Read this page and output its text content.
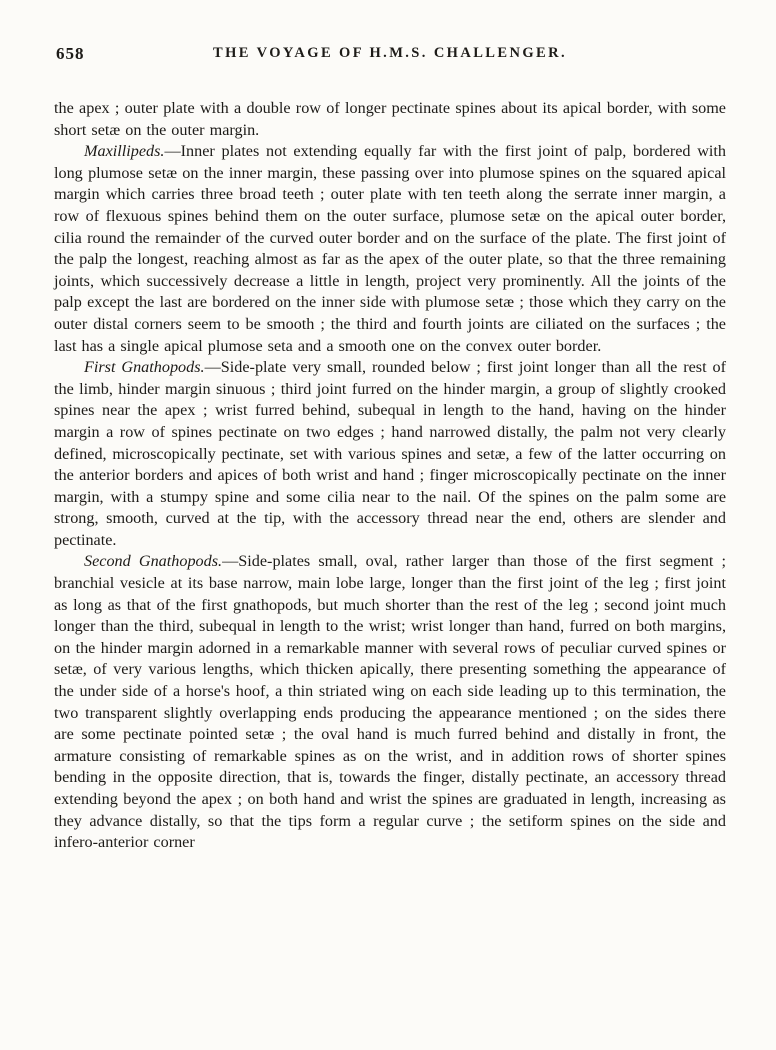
658	THE VOYAGE OF H.M.S. CHALLENGER.

the apex ; outer plate with a double row of longer pectinate spines about its apical border, with some short setæ on the outer margin.

Maxillipeds.—Inner plates not extending equally far with the first joint of palp, bordered with long plumose setæ on the inner margin, these passing over into plumose spines on the squared apical margin which carries three broad teeth ; outer plate with ten teeth along the serrate inner margin, a row of flexuous spines behind them on the outer surface, plumose setæ on the apical outer border, cilia round the remainder of the curved outer border and on the surface of the plate. The first joint of the palp the longest, reaching almost as far as the apex of the outer plate, so that the three remaining joints, which successively decrease a little in length, project very prominently. All the joints of the palp except the last are bordered on the inner side with plumose setæ ; those which they carry on the outer distal corners seem to be smooth ; the third and fourth joints are ciliated on the surfaces ; the last has a single apical plumose seta and a smooth one on the convex outer border.

First Gnathopods.—Side-plate very small, rounded below ; first joint longer than all the rest of the limb, hinder margin sinuous ; third joint furred on the hinder margin, a group of slightly crooked spines near the apex ; wrist furred behind, subequal in length to the hand, having on the hinder margin a row of spines pectinate on two edges ; hand narrowed distally, the palm not very clearly defined, microscopically pectinate, set with various spines and setæ, a few of the latter occurring on the anterior borders and apices of both wrist and hand ; finger microscopically pectinate on the inner margin, with a stumpy spine and some cilia near to the nail. Of the spines on the palm some are strong, smooth, curved at the tip, with the accessory thread near the end, others are slender and pectinate.

Second Gnathopods.—Side-plates small, oval, rather larger than those of the first segment ; branchial vesicle at its base narrow, main lobe large, longer than the first joint of the leg ; first joint as long as that of the first gnathopods, but much shorter than the rest of the leg ; second joint much longer than the third, subequal in length to the wrist; wrist longer than hand, furred on both margins, on the hinder margin adorned in a remarkable manner with several rows of peculiar curved spines or setæ, of very various lengths, which thicken apically, there presenting something the appearance of the under side of a horse's hoof, a thin striated wing on each side leading up to this termination, the two transparent slightly overlapping ends producing the appearance mentioned ; on the sides there are some pectinate pointed setæ ; the oval hand is much furred behind and distally in front, the armature consisting of remarkable spines as on the wrist, and in addition rows of shorter spines bending in the opposite direction, that is, towards the finger, distally pectinate, an accessory thread extending beyond the apex ; on both hand and wrist the spines are graduated in length, increasing as they advance distally, so that the tips form a regular curve ; the setiform spines on the side and infero-anterior corner
